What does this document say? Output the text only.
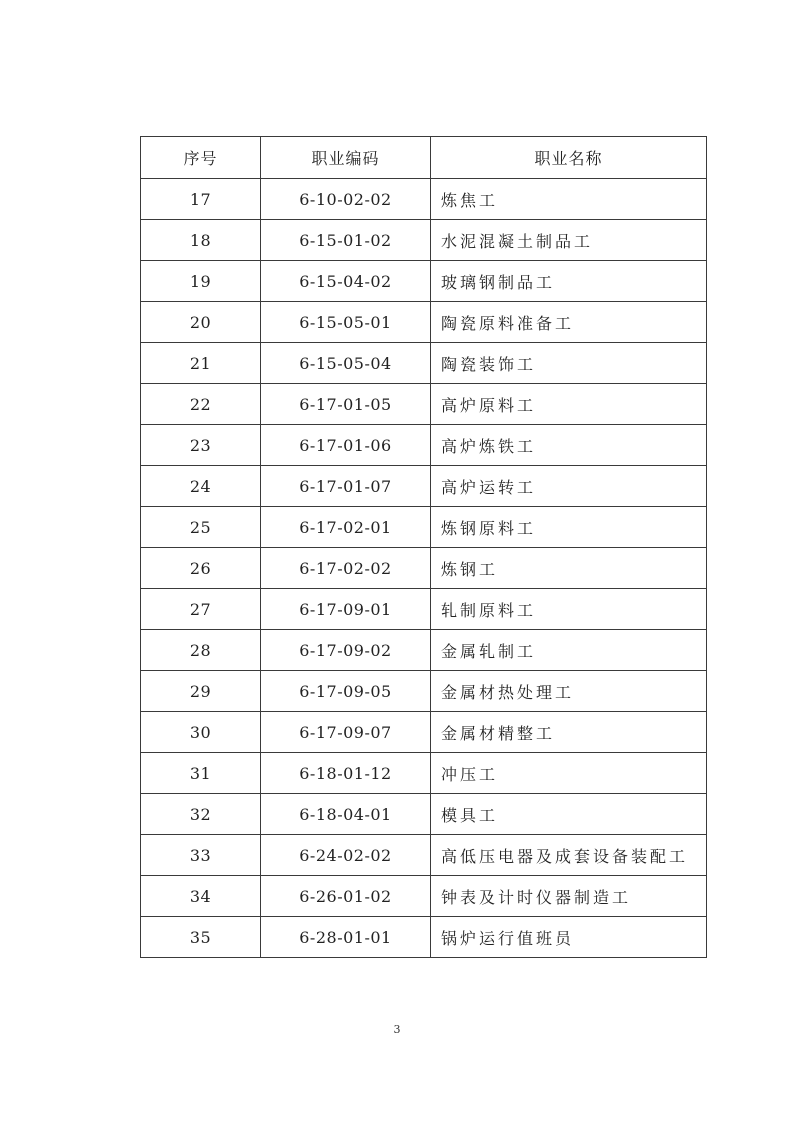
序号	职业编码	职业名称
17	6-10-02-02	炼焦工
18	6-15-01-02	水泥混凝土制品工
19	6-15-04-02	玻璃钢制品工
20	6-15-05-01	陶瓷原料准备工
21	6-15-05-04	陶瓷装饰工
22	6-17-01-05	高炉原料工
23	6-17-01-06	高炉炼铁工
24	6-17-01-07	高炉运转工
25	6-17-02-01	炼钢原料工
26	6-17-02-02	炼钢工
27	6-17-09-01	轧制原料工
28	6-17-09-02	金属轧制工
29	6-17-09-05	金属材热处理工
30	6-17-09-07	金属材精整工
31	6-18-01-12	冲压工
32	6-18-04-01	模具工
33	6-24-02-02	高低压电器及成套设备装配工
34	6-26-01-02	钟表及计时仪器制造工
35	6-28-01-01	锅炉运行值班员
3
